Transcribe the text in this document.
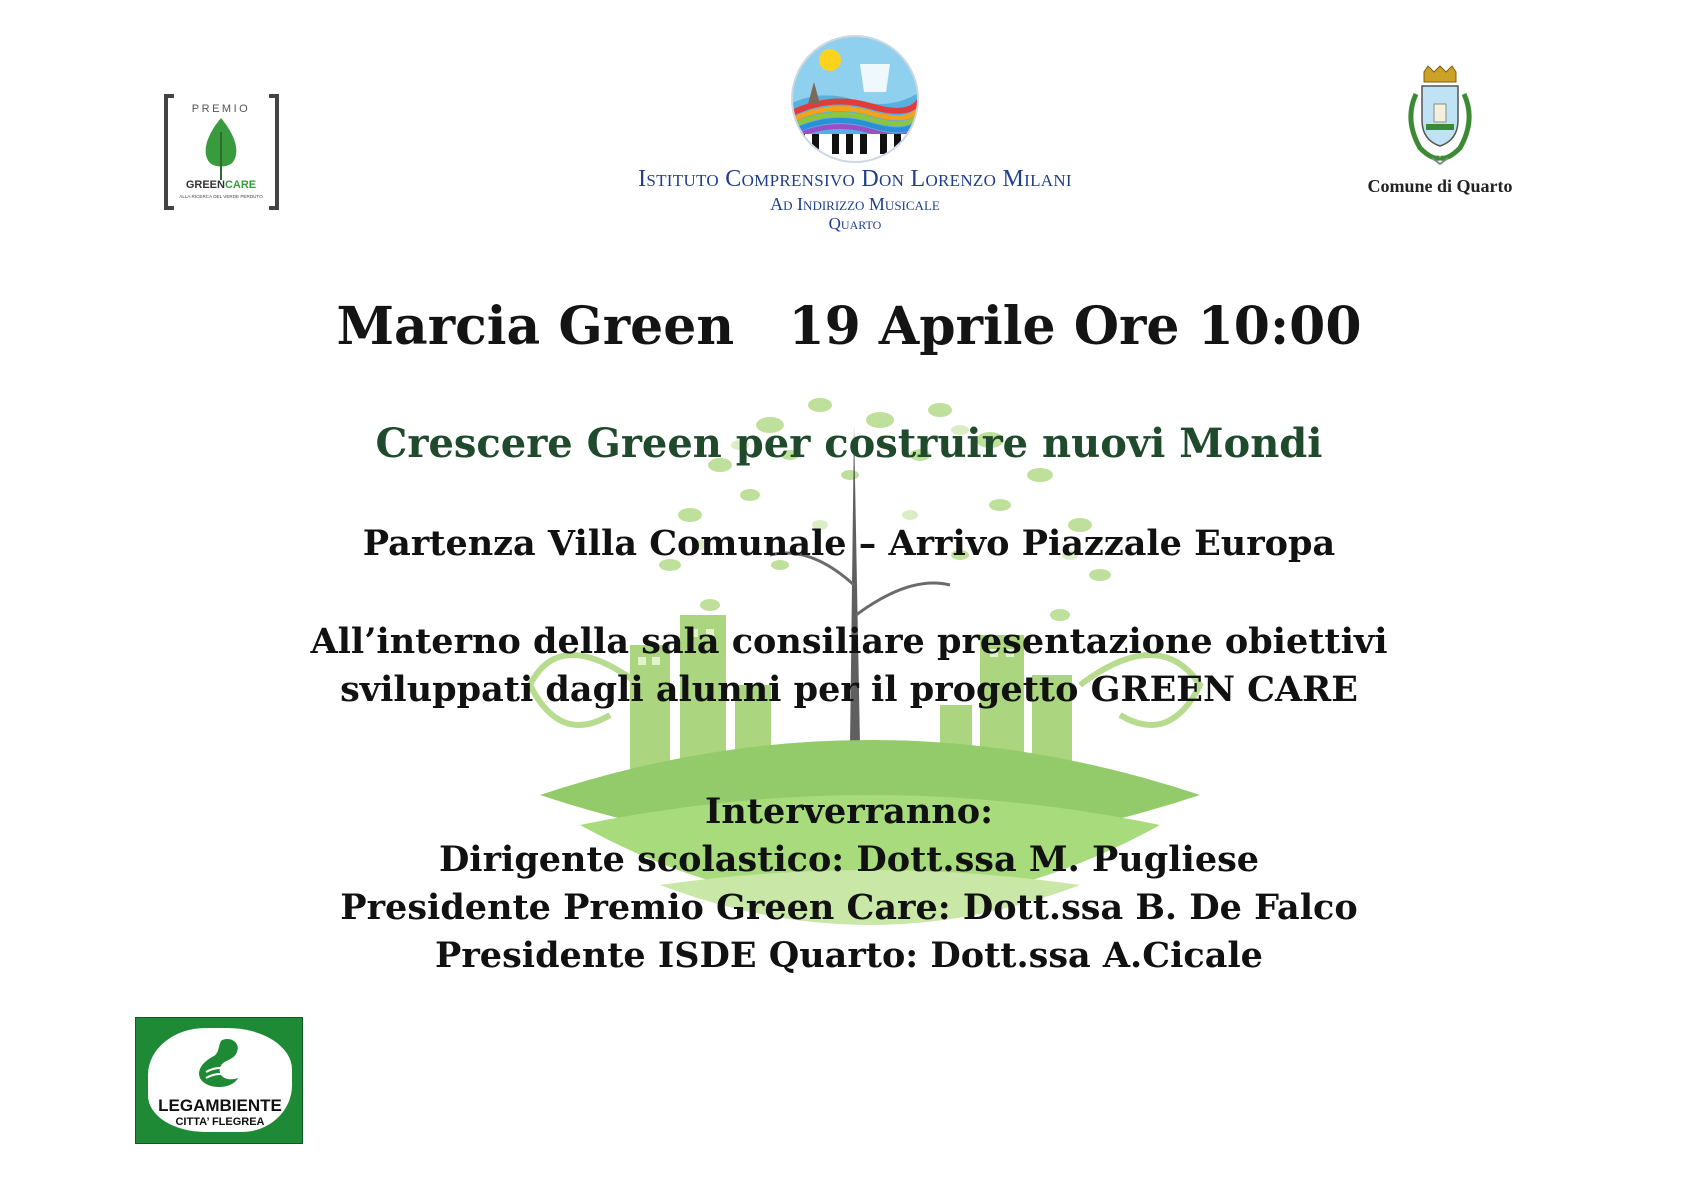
PREMIO
GREENCARE
ALLA RICERCA DEL VERDE PERDUTO
Istituto Comprensivo Don Lorenzo Milani
Ad Indirizzo Musicale
Quarto
Comune di Quarto
Marcia Green   19 Aprile Ore 10:00
Crescere Green per costruire nuovi Mondi
Partenza Villa Comunale – Arrivo Piazzale Europa
All’interno della sala consiliare presentazione obiettivi
sviluppati dagli alunni per il progetto GREEN CARE
Interverranno:
Dirigente scolastico: Dott.ssa M. Pugliese
Presidente Premio Green Care: Dott.ssa B. De Falco
Presidente ISDE Quarto: Dott.ssa A.Cicale
LEGAMBIENTE
CITTA’ FLEGREA
